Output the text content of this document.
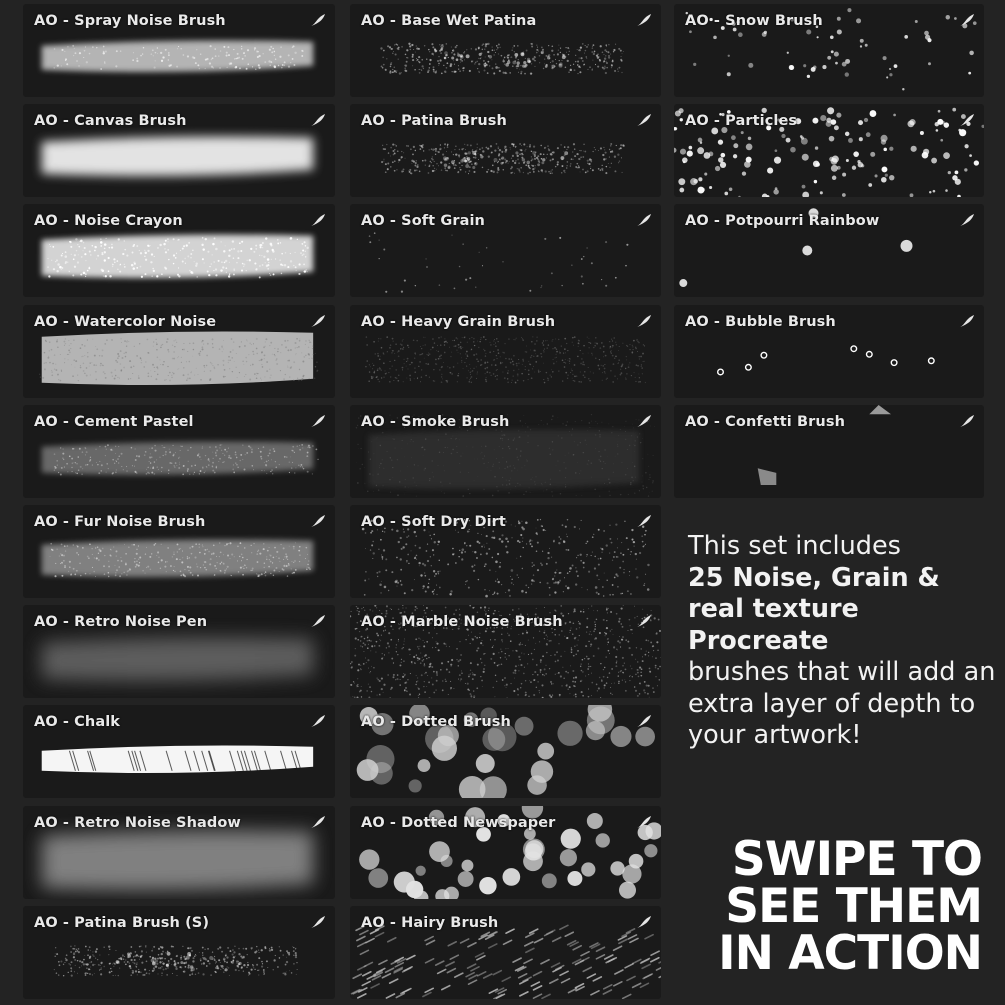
AO - Spray Noise Brush
AO - Canvas Brush
AO - Noise Crayon
AO - Watercolor Noise
AO - Cement Pastel
AO - Fur Noise Brush
AO - Retro Noise Pen
AO - Chalk
AO - Retro Noise Shadow
AO - Patina Brush (S)
AO - Base Wet Patina
AO - Patina Brush
AO - Soft Grain
AO - Heavy Grain Brush
AO - Smoke Brush
AO - Soft Dry Dirt
AO - Marble Noise Brush
AO - Dotted Brush
AO - Dotted Newspaper
AO - Hairy Brush
AO - Snow Brush
AO - Particles
AO - Potpourri Rainbow
AO - Bubble Brush
AO - Confetti Brush
This set includes
25 Noise, Grain & real texture Procreate
brushes that will add an extra layer of depth to your artwork!
SWIPE TO
SEE THEM
IN ACTION
